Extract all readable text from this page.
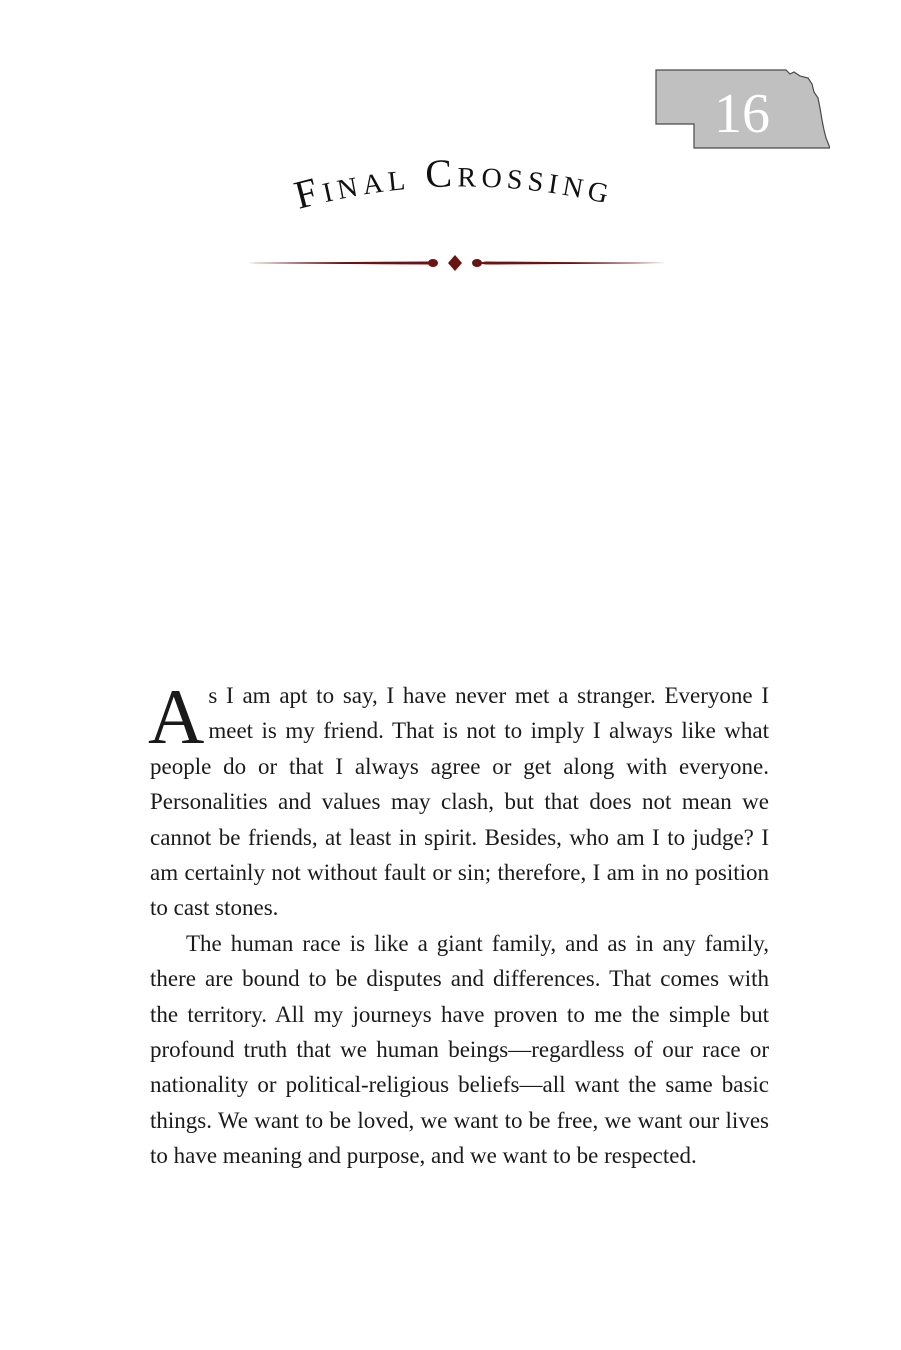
16
Final Crossing

As I am apt to say, I have never met a stranger. Everyone I meet is my friend. That is not to imply I always like what people do or that I always agree or get along with everyone. Personalities and values may clash, but that does not mean we cannot be friends, at least in spirit. Besides, who am I to judge? I am certainly not without fault or sin; therefore, I am in no position to cast stones.

The human race is like a giant family, and as in any family, there are bound to be disputes and differences. That comes with the territory. All my journeys have proven to me the simple but profound truth that we human beings—regardless of our race or nationality or political-religious beliefs—all want the same basic things. We want to be loved, we want to be free, we want our lives to have meaning and purpose, and we want to be respected.
